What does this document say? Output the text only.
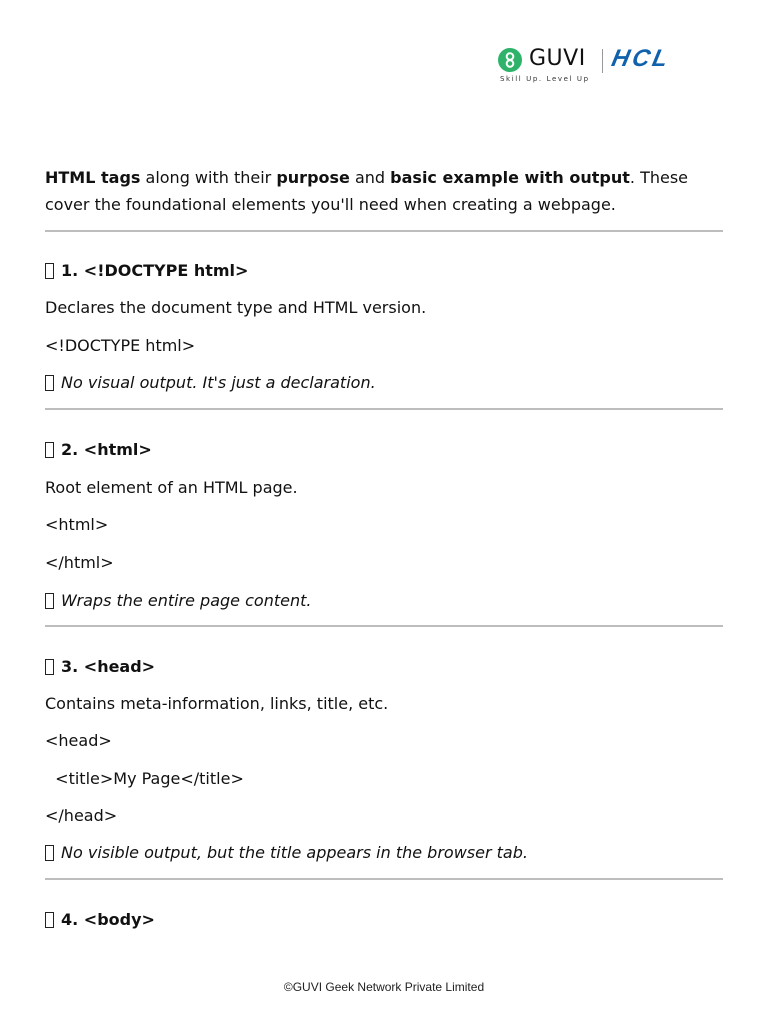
GUVI HCL
Skill Up. Level Up

HTML tags along with their purpose and basic example with output. These cover the foundational elements you'll need when creating a webpage.

1. <!DOCTYPE html>

Declares the document type and HTML version.

<!DOCTYPE html>

No visual output. It's just a declaration.

2. <html>

Root element of an HTML page.

<html>

</html>

Wraps the entire page content.

3. <head>

Contains meta-information, links, title, etc.

<head>

<title>My Page</title>

</head>

No visible output, but the title appears in the browser tab.

4. <body>

©GUVI Geek Network Private Limited
